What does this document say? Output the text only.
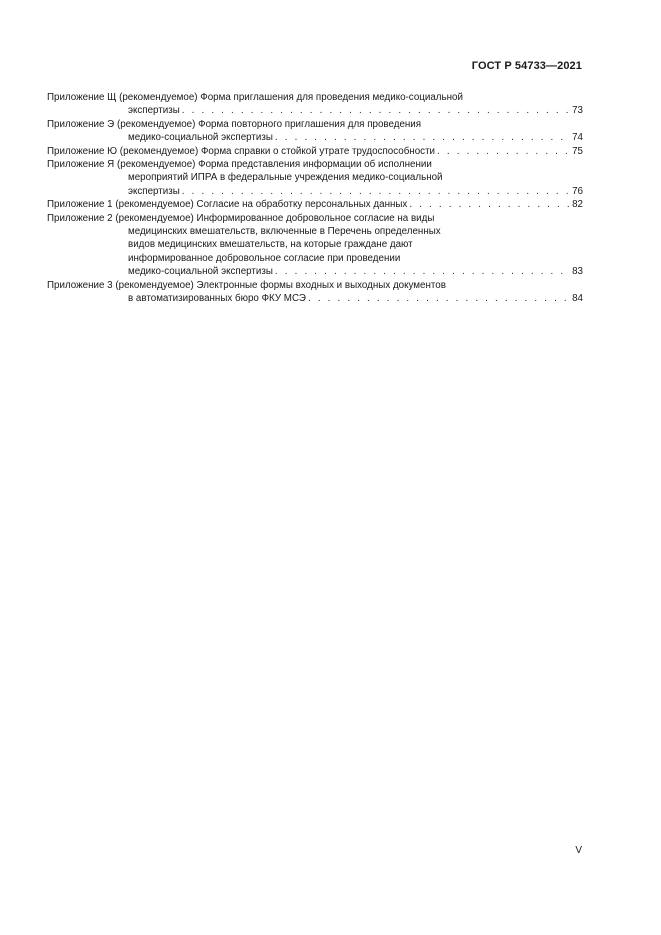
ГОСТ Р 54733—2021
Приложение Щ (рекомендуемое) Форма приглашения для проведения медико-социальной
экспертизы . . .	73
Приложение Э (рекомендуемое) Форма повторного приглашения для проведения
медико-социальной экспертизы . . .	74
Приложение Ю (рекомендуемое) Форма справки о стойкой утрате трудоспособности . . .	75
Приложение Я (рекомендуемое) Форма представления информации об исполнении
мероприятий ИПРА в федеральные учреждения медико-социальной
экспертизы . . .	76
Приложение 1 (рекомендуемое) Согласие на обработку персональных данных . . .	82
Приложение 2 (рекомендуемое) Информированное добровольное согласие на виды
медицинских вмешательств, включенные в Перечень определенных
видов медицинских вмешательств, на которые граждане дают
информированное добровольное согласие при проведении
медико-социальной экспертизы . . .	83
Приложение 3 (рекомендуемое) Электронные формы входных и выходных документов
в автоматизированных бюро ФКУ МСЭ . . .	84
V
